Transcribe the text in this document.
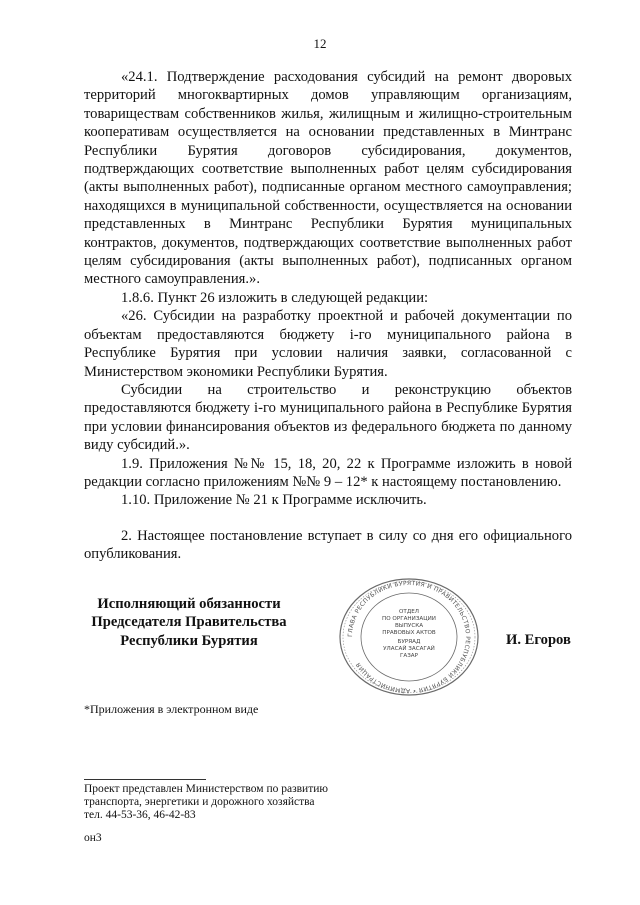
12

«24.1. Подтверждение расходования субсидий на ремонт дворовых территорий многоквартирных домов управляющим организациям, товариществам собственников жилья, жилищным и жилищно-строительным кооперативам осуществляется на основании представленных в Минтранс Республики Бурятия договоров субсидирования, документов, подтверждающих соответствие выполненных работ целям субсидирования (акты выполненных работ), подписанные органом местного самоуправления; находящихся в муниципальной собственности, осуществляется на основании представленных в Минтранс Республики Бурятия муниципальных контрактов, документов, подтверждающих соответствие выполненных работ целям субсидирования (акты выполненных работ), подписанных органом местного самоуправления.».

1.8.6. Пункт 26 изложить в следующей редакции:

«26. Субсидии на разработку проектной и рабочей документации по объектам предоставляются бюджету i-го муниципального района в Республикe Бурятия при условии наличия заявки, согласованной с Министерством экономики Республики Бурятия.

Субсидии на строительство и реконструкцию объектов предоставляются бюджету i-го муниципального района в Республике Бурятия при условии финансирования объектов из федерального бюджета по данному виду субсидий.».

1.9. Приложения №№ 15, 18, 20, 22 к Программе изложить в новой редакции согласно приложениям №№ 9 – 12* к настоящему постановлению.

1.10. Приложение № 21 к Программе исключить.

2. Настоящее постановление вступает в силу со дня его официального опубликования.

Исполняющий обязанности
Председателя Правительства
Республики Бурятия	ГЛАВА РЕСПУБЛИКИ БУРЯТИЯ И ПРАВИТЕЛЬСТВО РЕСПУБЛИКИ БУРЯТИЯ • АДМИНИСТРАЦИЯ
ОТДЕЛ
ПО ОРГАНИЗАЦИИ
ВЫПУСКА
ПРАВОВЫХ АКТОВ
БУРЯАД
УЛАСАЙ ЗАСАГАЙ
ГАЗАР
И. Егоров
*Приложения в электронном виде
Проект представлен Министерством по развитию
транспорта, энергетики и дорожного хозяйства
тел. 44-53-36, 46-42-83
он3
